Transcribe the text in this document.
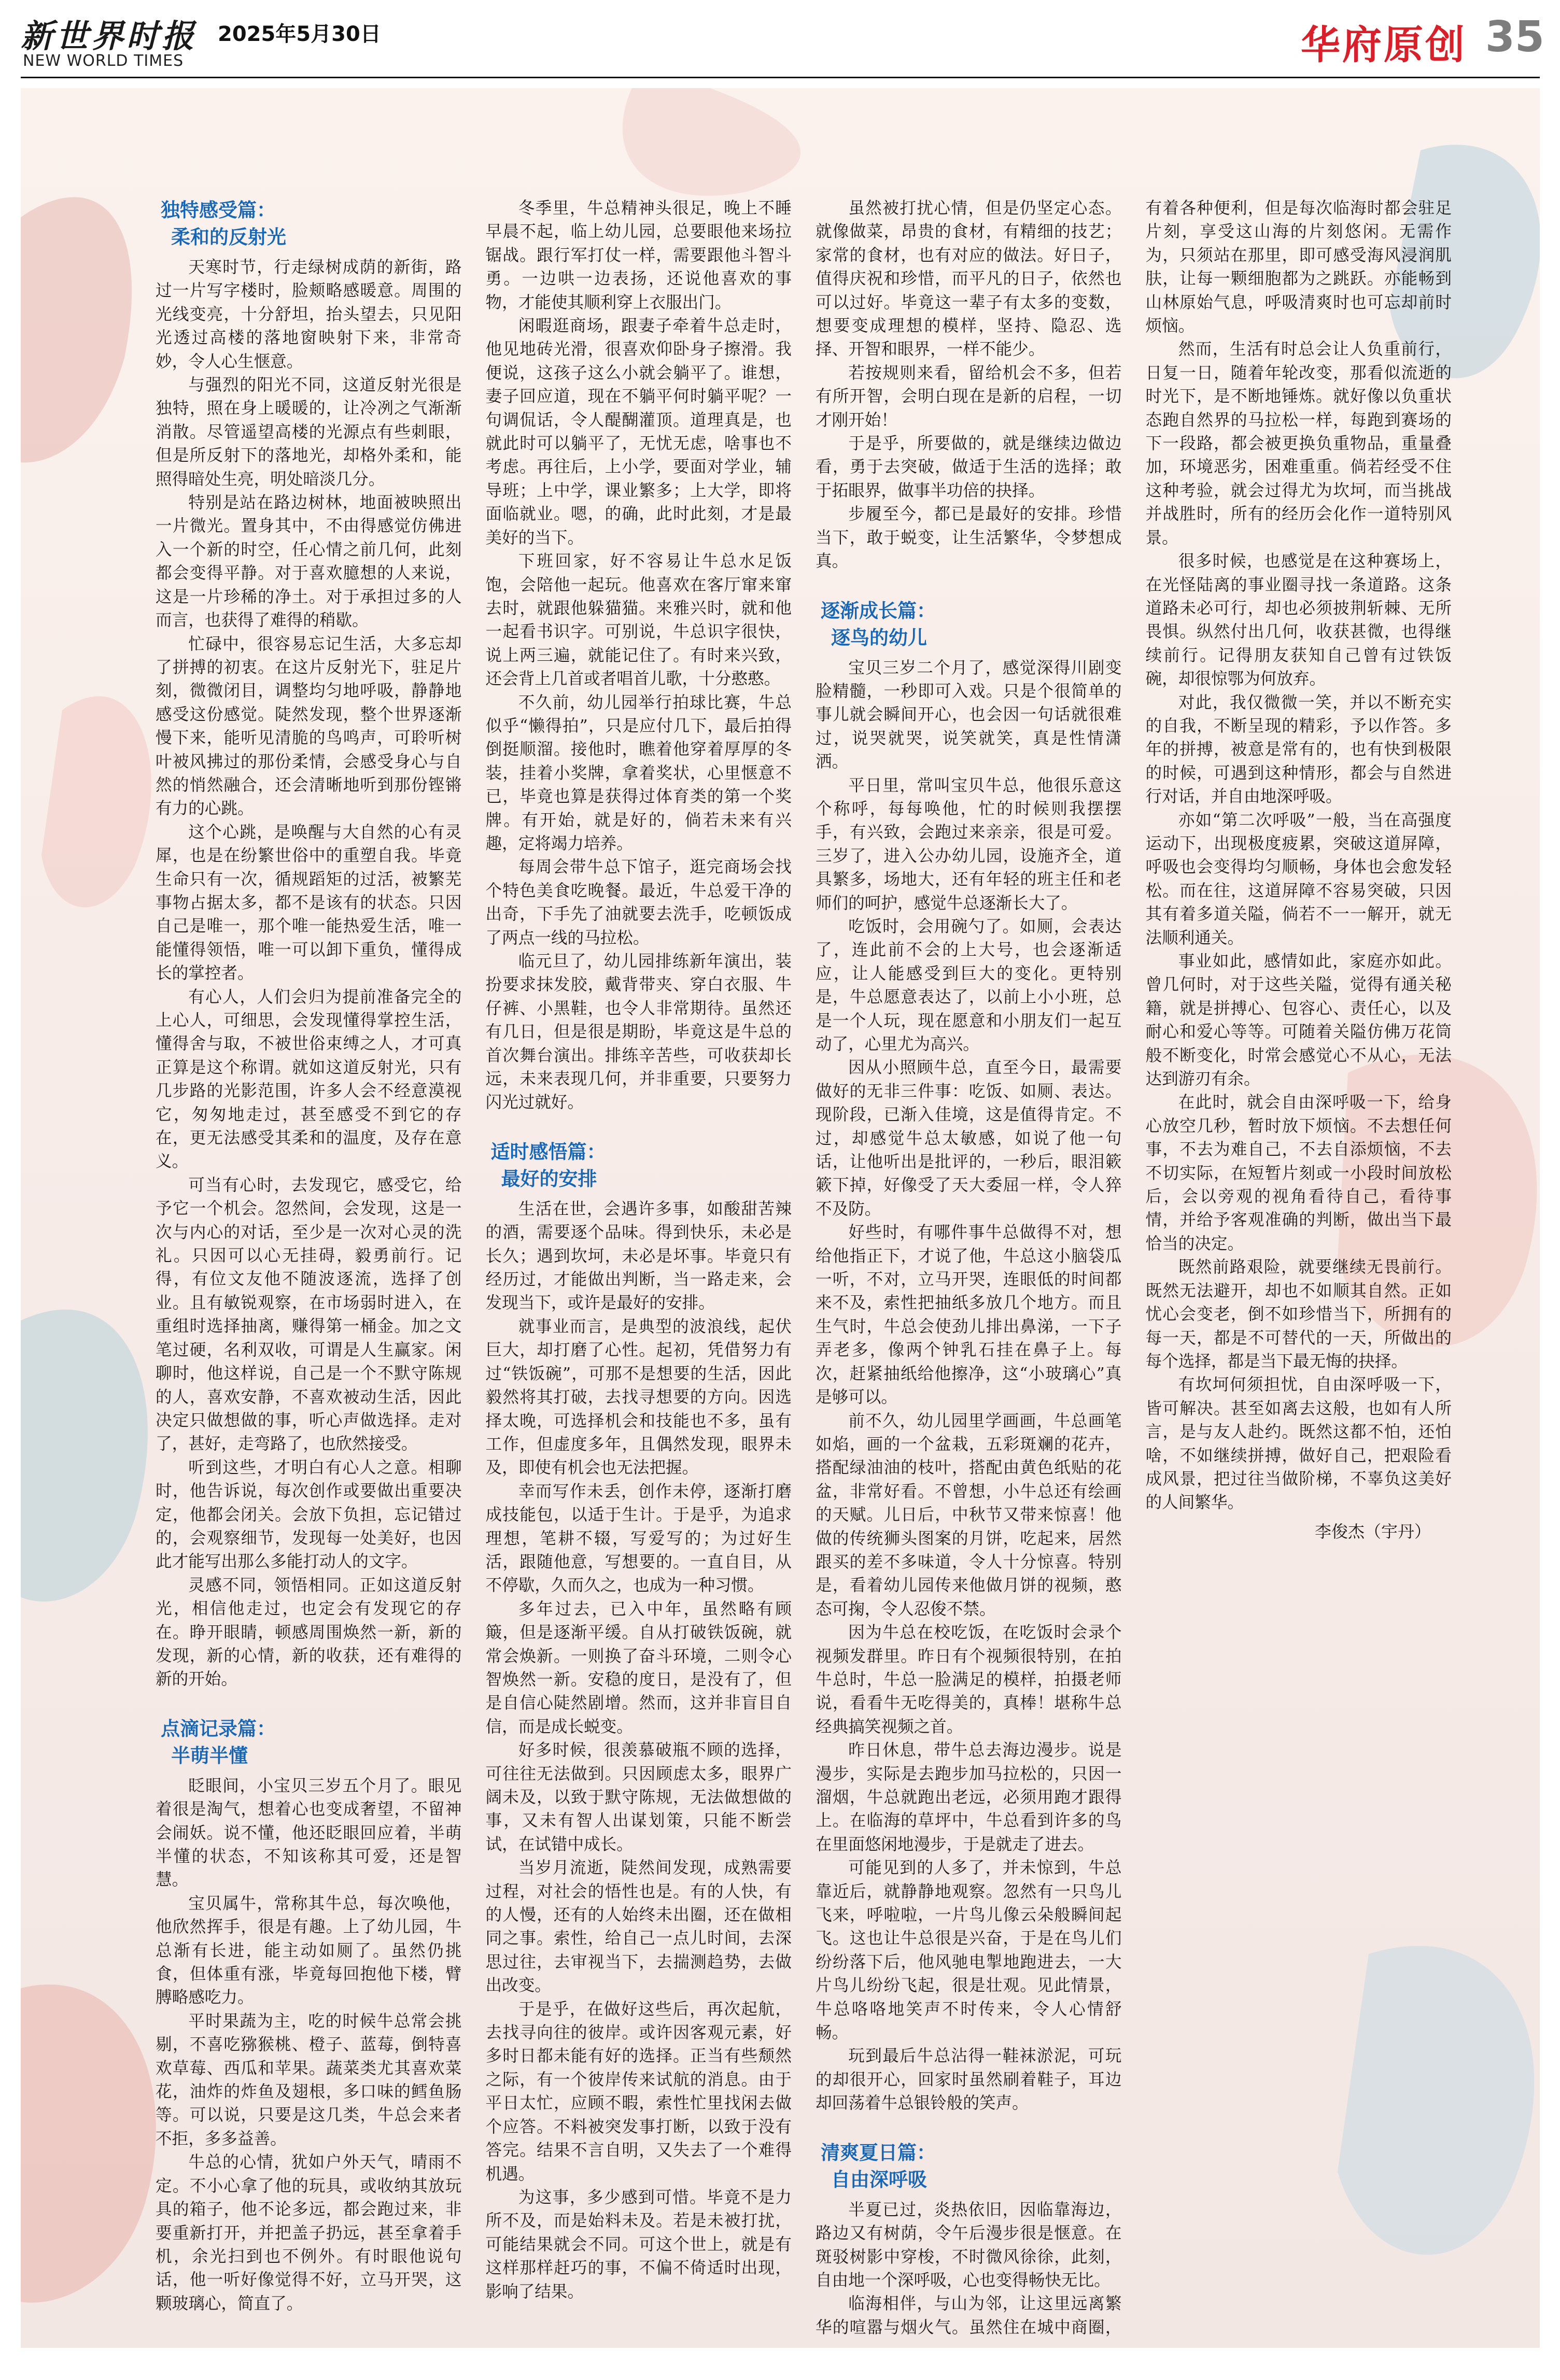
新世界时报 2025年5月30日
NEW WORLD TIMES	华府原创 35
独特感受篇：
柔和的反射光

天寒时节，行走绿树成荫的新街，路过一片写字楼时，脸颊略感暖意。周围的光线变亮，十分舒坦，抬头望去，只见阳光透过高楼的落地窗映射下来，非常奇妙，令人心生惬意。

与强烈的阳光不同，这道反射光很是独特，照在身上暖暖的，让冷冽之气渐渐消散。尽管遥望高楼的光源点有些刺眼，但是所反射下的落地光，却格外柔和，能照得暗处生亮，明处暗淡几分。

特别是站在路边树林，地面被映照出一片微光。置身其中，不由得感觉仿佛进入一个新的时空，任心情之前几何，此刻都会变得平静。对于喜欢臆想的人来说，这是一片珍稀的净土。对于承担过多的人而言，也获得了难得的稍歇。

忙碌中，很容易忘记生活，大多忘却了拼搏的初衷。在这片反射光下，驻足片刻，微微闭目，调整均匀地呼吸，静静地感受这份感觉。陡然发现，整个世界逐渐慢下来，能听见清脆的鸟鸣声，可聆听树叶被风拂过的那份柔情，会感受身心与自然的悄然融合，还会清晰地听到那份铿锵有力的心跳。

这个心跳，是唤醒与大自然的心有灵犀，也是在纷繁世俗中的重塑自我。毕竟生命只有一次，循规蹈矩的过活，被繁芜事物占据太多，都不是该有的状态。只因自己是唯一，那个唯一能热爱生活，唯一能懂得领悟，唯一可以卸下重负，懂得成长的掌控者。

有心人，人们会归为提前准备完全的上心人，可细思，会发现懂得掌控生活，懂得舍与取，不被世俗束缚之人，才可真正算是这个称谓。就如这道反射光，只有几步路的光影范围，许多人会不经意漠视它，匆匆地走过，甚至感受不到它的存在，更无法感受其柔和的温度，及存在意义。

可当有心时，去发现它，感受它，给予它一个机会。忽然间，会发现，这是一次与内心的对话，至少是一次对心灵的洗礼。只因可以心无挂碍，毅勇前行。记得，有位文友他不随波逐流，选择了创业。且有敏锐观察，在市场弱时进入，在重组时选择抽离，赚得第一桶金。加之文笔过硬，名利双收，可谓是人生赢家。闲聊时，他这样说，自己是一个不默守陈规的人，喜欢安静，不喜欢被动生活，因此决定只做想做的事，听心声做选择。走对了，甚好，走弯路了，也欣然接受。

听到这些，才明白有心人之意。相聊时，他告诉说，每次创作或要做出重要决定，他都会闭关。会放下负担，忘记错过的，会观察细节，发现每一处美好，也因此才能写出那么多能打动人的文字。

灵感不同，领悟相同。正如这道反射光，相信他走过，也定会有发现它的存在。睁开眼睛，顿感周围焕然一新，新的发现，新的心情，新的收获，还有难得的新的开始。

点滴记录篇：
半萌半懂

眨眼间，小宝贝三岁五个月了。眼见着很是淘气，想着心也变成奢望，不留神会闹妖。说不懂，他还眨眼回应着，半萌半懂的状态，不知该称其可爱，还是智慧。

宝贝属牛，常称其牛总，每次唤他，他欣然挥手，很是有趣。上了幼儿园，牛总渐有长进，能主动如厕了。虽然仍挑食，但体重有涨，毕竟每回抱他下楼，臂膊略感吃力。

平时果蔬为主，吃的时候牛总常会挑剔，不喜吃猕猴桃、橙子、蓝莓，倒特喜欢草莓、西瓜和苹果。蔬菜类尤其喜欢菜花，油炸的炸鱼及翅根，多口味的鳕鱼肠等。可以说，只要是这几类，牛总会来者不拒，多多益善。

牛总的心情，犹如户外天气，晴雨不定。不小心拿了他的玩具，或收纳其放玩具的箱子，他不论多远，都会跑过来，非要重新打开，并把盖子扔远，甚至拿着手机，余光扫到也不例外。有时眼他说句话，他一听好像觉得不好，立马开哭，这颗玻璃心，简直了。

冬季里，牛总精神头很足，晚上不睡早晨不起，临上幼儿园，总要眼他来场拉锯战。跟行军打仗一样，需要跟他斗智斗勇。一边哄一边表扬，还说他喜欢的事物，才能使其顺利穿上衣服出门。

闲暇逛商场，跟妻子牵着牛总走时，他见地砖光滑，很喜欢仰卧身子擦滑。我便说，这孩子这么小就会躺平了。谁想，妻子回应道，现在不躺平何时躺平呢？一句调侃话，令人醍醐灌顶。道理真是，也就此时可以躺平了，无忧无虑，啥事也不考虑。再往后，上小学，要面对学业，辅导班；上中学，课业繁多；上大学，即将面临就业。嗯，的确，此时此刻，才是最美好的当下。

下班回家，好不容易让牛总水足饭饱，会陪他一起玩。他喜欢在客厅窜来窜去时，就跟他躲猫猫。来雅兴时，就和他一起看书识字。可别说，牛总识字很快，说上两三遍，就能记住了。有时来兴致，还会背上几首或者唱首儿歌，十分憨憨。

不久前，幼儿园举行拍球比赛，牛总似乎“懒得拍”，只是应付几下，最后拍得倒挺顺溜。接他时，瞧着他穿着厚厚的冬装，挂着小奖牌，拿着奖状，心里惬意不已，毕竟也算是获得过体育类的第一个奖牌。有开始，就是好的，倘若未来有兴趣，定将竭力培养。

每周会带牛总下馆子，逛完商场会找个特色美食吃晚餐。最近，牛总爱干净的出奇，下手先了油就要去洗手，吃顿饭成了两点一线的马拉松。

临元旦了，幼儿园排练新年演出，装扮要求抹发胶，戴背带夹、穿白衣服、牛仔裤、小黑鞋，也令人非常期待。虽然还有几日，但是很是期盼，毕竟这是牛总的首次舞台演出。排练辛苦些，可收获却长远，未来表现几何，并非重要，只要努力闪光过就好。

适时感悟篇：
最好的安排

生活在世，会遇许多事，如酸甜苦辣的酒，需要逐个品味。得到快乐，未必是长久；遇到坎坷，未必是坏事。毕竟只有经历过，才能做出判断，当一路走来，会发现当下，或许是最好的安排。

就事业而言，是典型的波浪线，起伏巨大，却打磨了心性。起初，凭借努力有过“铁饭碗”，可那不是想要的生活，因此毅然将其打破，去找寻想要的方向。因选择太晚，可选择机会和技能也不多，虽有工作，但虚度多年，且偶然发现，眼界未及，即使有机会也无法把握。

幸而写作未丢，创作未停，逐渐打磨成技能包，以适于生计。于是乎，为追求理想，笔耕不辍，写爱写的；为过好生活，跟随他意，写想要的。一直自目，从不停歇，久而久之，也成为一种习惯。

多年过去，已入中年，虽然略有顾簸，但是逐渐平缓。自从打破铁饭碗，就常会焕新。一则换了奋斗环境，二则令心智焕然一新。安稳的度日，是没有了，但是自信心陡然剧增。然而，这并非盲目自信，而是成长蜕变。

好多时候，很羡慕破瓶不顾的选择，可往往无法做到。只因顾虑太多，眼界广阔未及，以致于默守陈规，无法做想做的事，又未有智人出谋划策，只能不断尝试，在试错中成长。

当岁月流逝，陡然间发现，成熟需要过程，对社会的悟性也是。有的人快，有的人慢，还有的人始终未出圈，还在做相同之事。索性，给自己一点儿时间，去深思过往，去审视当下，去揣测趋势，去做出改变。

于是乎，在做好这些后，再次起航，去找寻向往的彼岸。或许因客观元素，好多时日都未能有好的选择。正当有些颓然之际，有一个彼岸传来试航的消息。由于平日太忙，应顾不暇，索性忙里找闲去做个应答。不料被突发事打断，以致于没有答完。结果不言自明，又失去了一个难得机遇。

为这事，多少感到可惜。毕竟不是力所不及，而是始料未及。若是未被打扰，可能结果就会不同。可这个世上，就是有这样那样赶巧的事，不偏不倚适时出现，影响了结果。

虽然被打扰心情，但是仍坚定心态。就像做菜，昂贵的食材，有精细的技艺；家常的食材，也有对应的做法。好日子，值得庆祝和珍惜，而平凡的日子，依然也可以过好。毕竟这一辈子有太多的变数，想要变成理想的模样，坚持、隐忍、选择、开智和眼界，一样不能少。

若按规则来看，留给机会不多，但若有所开智，会明白现在是新的启程，一切才刚开始！

于是乎，所要做的，就是继续边做边看，勇于去突破，做适于生活的选择；敢于拓眼界，做事半功倍的抉择。

步履至今，都已是最好的安排。珍惜当下，敢于蜕变，让生活繁华，令梦想成真。

逐渐成长篇：
逐鸟的幼儿

宝贝三岁二个月了，感觉深得川剧变脸精髓，一秒即可入戏。只是个很简单的事儿就会瞬间开心，也会因一句话就很难过，说哭就哭，说笑就笑，真是性情潇洒。

平日里，常叫宝贝牛总，他很乐意这个称呼，每每唤他，忙的时候则我摆摆手，有兴致，会跑过来亲亲，很是可爱。三岁了，进入公办幼儿园，设施齐全，道具繁多，场地大，还有年轻的班主任和老师们的呵护，感觉牛总逐渐长大了。

吃饭时，会用碗勺了。如厕，会表达了，连此前不会的上大号，也会逐渐适应，让人能感受到巨大的变化。更特别是，牛总愿意表达了，以前上小小班，总是一个人玩，现在愿意和小朋友们一起互动了，心里尤为高兴。

因从小照顾牛总，直至今日，最需要做好的无非三件事：吃饭、如厕、表达。现阶段，已渐入佳境，这是值得肯定。不过，却感觉牛总太敏感，如说了他一句话，让他听出是批评的，一秒后，眼泪簌簌下掉，好像受了天大委屈一样，令人猝不及防。

好些时，有哪件事牛总做得不对，想给他指正下，才说了他，牛总这小脑袋瓜一听，不对，立马开哭，连眼低的时间都来不及，索性把抽纸多放几个地方。而且生气时，牛总会使劲儿排出鼻涕，一下子弄老多，像两个钟乳石挂在鼻子上。每次，赶紧抽纸给他擦净，这“小玻璃心”真是够可以。

前不久，幼儿园里学画画，牛总画笔如焰，画的一个盆栽，五彩斑斓的花卉，搭配绿油油的枝叶，搭配由黄色纸贴的花盆，非常好看。不曾想，小牛总还有绘画的天赋。儿日后，中秋节又带来惊喜！他做的传统狮头图案的月饼，吃起来，居然跟买的差不多味道，令人十分惊喜。特别是，看着幼儿园传来他做月饼的视频，憨态可掬，令人忍俊不禁。

因为牛总在校吃饭，在吃饭时会录个视频发群里。昨日有个视频很特别，在拍牛总时，牛总一脸满足的模样，拍摄老师说，看看牛无吃得美的，真棒！堪称牛总经典搞笑视频之首。

昨日休息，带牛总去海边漫步。说是漫步，实际是去跑步加马拉松的，只因一溜烟，牛总就跑出老远，必须用跑才跟得上。在临海的草坪中，牛总看到许多的鸟在里面悠闲地漫步，于是就走了进去。

可能见到的人多了，并未惊到，牛总靠近后，就静静地观察。忽然有一只鸟儿飞来，呼啦啦，一片鸟儿像云朵般瞬间起飞。这也让牛总很是兴奋，于是在鸟儿们纷纷落下后，他风驰电掣地跑进去，一大片鸟儿纷纷飞起，很是壮观。见此情景，牛总咯咯地笑声不时传来，令人心情舒畅。

玩到最后牛总沾得一鞋袜淤泥，可玩的却很开心，回家时虽然刷着鞋子，耳边却回荡着牛总银铃般的笑声。

清爽夏日篇：
自由深呼吸

半夏已过，炎热依旧，因临靠海边，路边又有树荫，令午后漫步很是惬意。在斑驳树影中穿梭，不时微风徐徐，此刻，自由地一个深呼吸，心也变得畅快无比。

临海相伴，与山为邻，让这里远离繁华的喧嚣与烟火气。虽然住在城中商圈，有着各种便利，但是每次临海时都会驻足片刻，享受这山海的片刻悠闲。无需作为，只须站在那里，即可感受海风浸润肌肤，让每一颗细胞都为之跳跃。亦能畅到山林原始气息，呼吸清爽时也可忘却前时烦恼。

然而，生活有时总会让人负重前行，日复一日，随着年轮改变，那看似流逝的时光下，是不断地锤炼。就好像以负重状态跑自然界的马拉松一样，每跑到赛场的下一段路，都会被更换负重物品，重量叠加，环境恶劣，困难重重。倘若经受不住这种考验，就会过得尤为坎坷，而当挑战并战胜时，所有的经历会化作一道特别风景。

很多时候，也感觉是在这种赛场上，在光怪陆离的事业圈寻找一条道路。这条道路未必可行，却也必须披荆斩棘、无所畏惧。纵然付出几何，收获甚微，也得继续前行。记得朋友获知自己曾有过铁饭碗，却很惊鄂为何放弃。

对此，我仅微微一笑，并以不断充实的自我，不断呈现的精彩，予以作答。多年的拼搏，被意是常有的，也有快到极限的时候，可遇到这种情形，都会与自然进行对话，并自由地深呼吸。

亦如“第二次呼吸”一般，当在高强度运动下，出现极度疲累，突破这道屏障，呼吸也会变得均匀顺畅，身体也会愈发轻松。而在往，这道屏障不容易突破，只因其有着多道关隘，倘若不一一解开，就无法顺利通关。

事业如此，感情如此，家庭亦如此。曾几何时，对于这些关隘，觉得有通关秘籍，就是拼搏心、包容心、责任心，以及耐心和爱心等等。可随着关隘仿佛万花筒般不断变化，时常会感觉心不从心，无法达到游刃有余。

在此时，就会自由深呼吸一下，给身心放空几秒，暂时放下烦恼。不去想任何事，不去为难自己，不去自添烦恼，不去不切实际，在短暂片刻或一小段时间放松后，会以旁观的视角看待自己，看待事情，并给予客观准确的判断，做出当下最恰当的决定。

既然前路艰险，就要继续无畏前行。既然无法避开，却也不如顺其自然。正如忧心会变老，倒不如珍惜当下，所拥有的每一天，都是不可替代的一天，所做出的每个选择，都是当下最无悔的抉择。

有坎坷何须担忧，自由深呼吸一下，皆可解决。甚至如离去这般，也如有人所言，是与友人赴约。既然这都不怕，还怕啥，不如继续拼搏，做好自己，把艰险看成风景，把过往当做阶梯，不辜负这美好的人间繁华。

李俊杰（宇丹）
